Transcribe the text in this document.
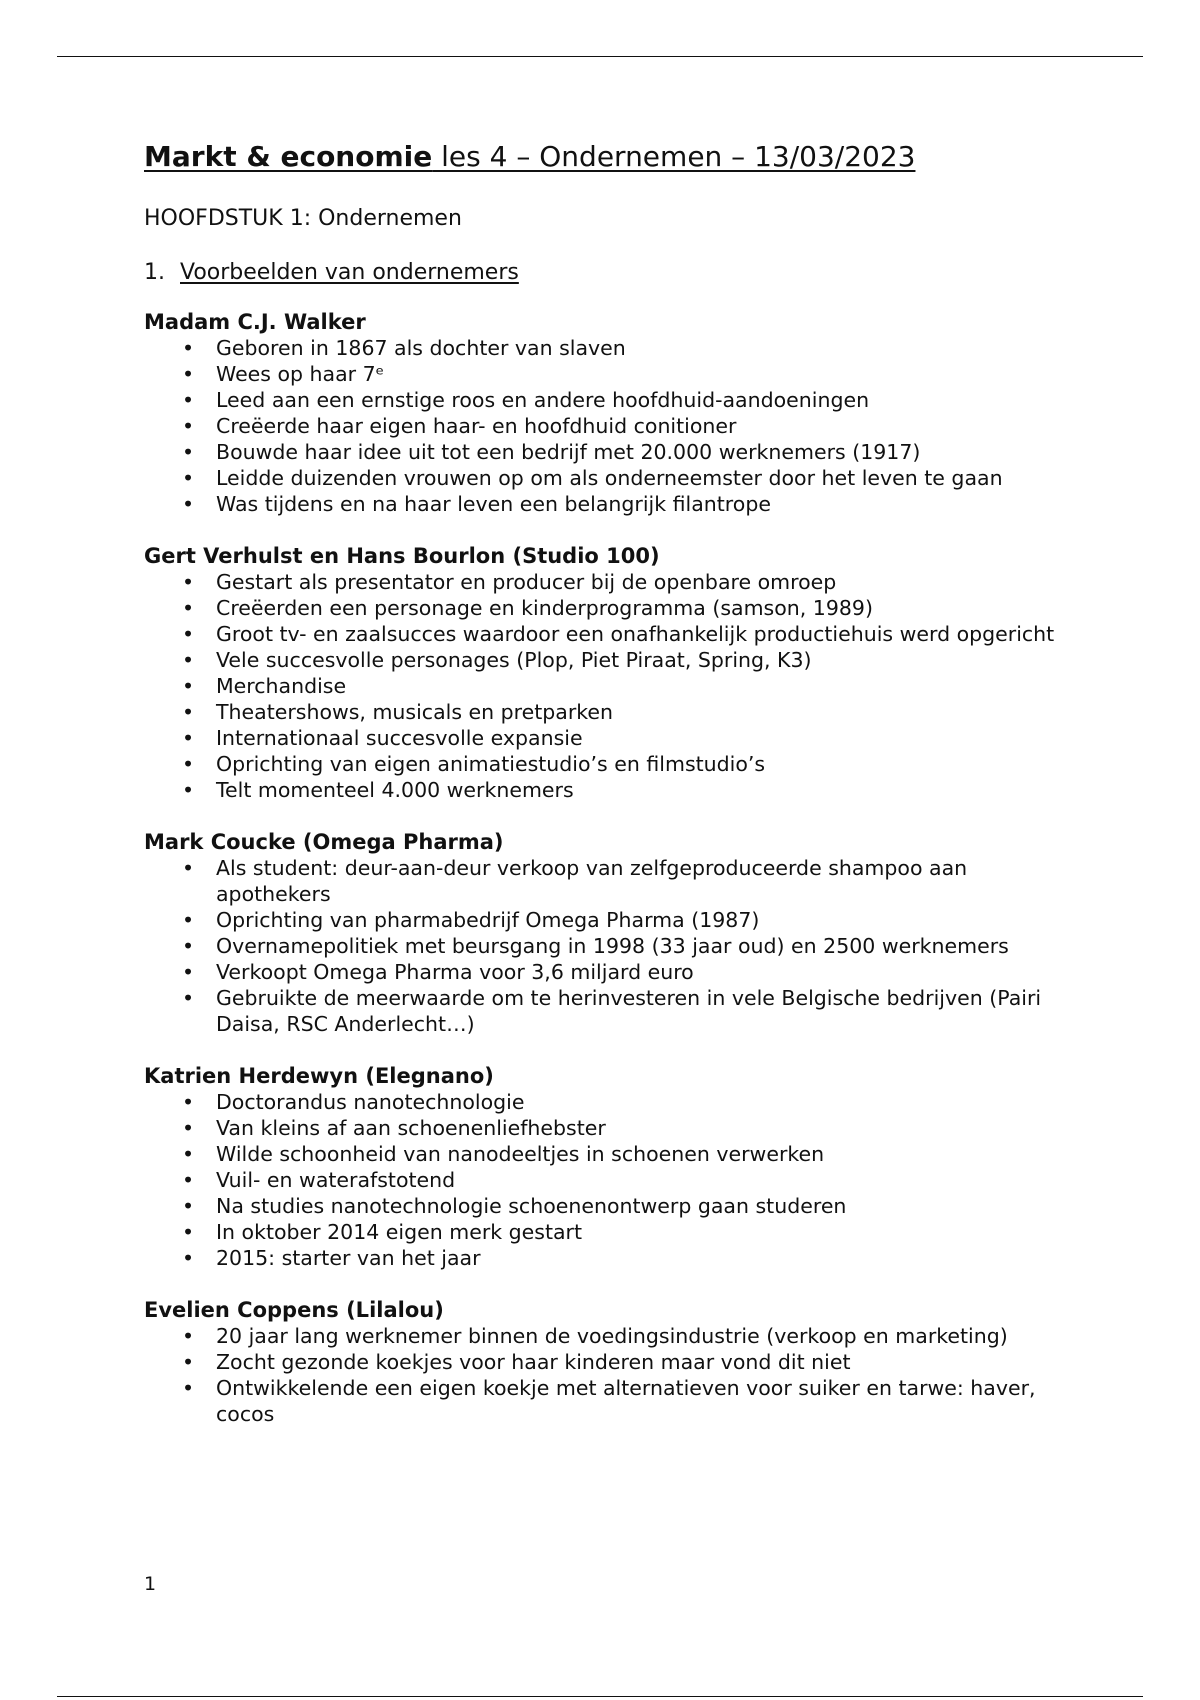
Markt & economie les 4 – Ondernemen – 13/03/2023
HOOFDSTUK 1: Ondernemen
1. Voorbeelden van ondernemers
Madam C.J. Walker
• Geboren in 1867 als dochter van slaven
• Wees op haar 7ᵉ
• Leed aan een ernstige roos en andere hoofdhuid-aandoeningen
• Creëerde haar eigen haar- en hoofdhuid conitioner
• Bouwde haar idee uit tot een bedrijf met 20.000 werknemers (1917)
• Leidde duizenden vrouwen op om als onderneemster door het leven te gaan
• Was tijdens en na haar leven een belangrijk filantrope
Gert Verhulst en Hans Bourlon (Studio 100)
• Gestart als presentator en producer bij de openbare omroep
• Creëerden een personage en kinderprogramma (samson, 1989)
• Groot tv- en zaalsucces waardoor een onafhankelijk productiehuis werd opgericht
• Vele succesvolle personages (Plop, Piet Piraat, Spring, K3)
• Merchandise
• Theatershows, musicals en pretparken
• Internationaal succesvolle expansie
• Oprichting van eigen animatiestudio’s en filmstudio’s
• Telt momenteel 4.000 werknemers
Mark Coucke (Omega Pharma)
• Als student: deur-aan-deur verkoop van zelfgeproduceerde shampoo aan apothekers
• Oprichting van pharmabedrijf Omega Pharma (1987)
• Overnamepolitiek met beursgang in 1998 (33 jaar oud) en 2500 werknemers
• Verkoopt Omega Pharma voor 3,6 miljard euro
• Gebruikte de meerwaarde om te herinvesteren in vele Belgische bedrijven (Pairi Daisa, RSC Anderlecht…)
Katrien Herdewyn (Elegnano)
• Doctorandus nanotechnologie
• Van kleins af aan schoenenliefhebster
• Wilde schoonheid van nanodeeltjes in schoenen verwerken
• Vuil- en waterafstotend
• Na studies nanotechnologie schoenenontwerp gaan studeren
• In oktober 2014 eigen merk gestart
• 2015: starter van het jaar
Evelien Coppens (Lilalou)
• 20 jaar lang werknemer binnen de voedingsindustrie (verkoop en marketing)
• Zocht gezonde koekjes voor haar kinderen maar vond dit niet
• Ontwikkelende een eigen koekje met alternatieven voor suiker en tarwe: haver, cocos
1
